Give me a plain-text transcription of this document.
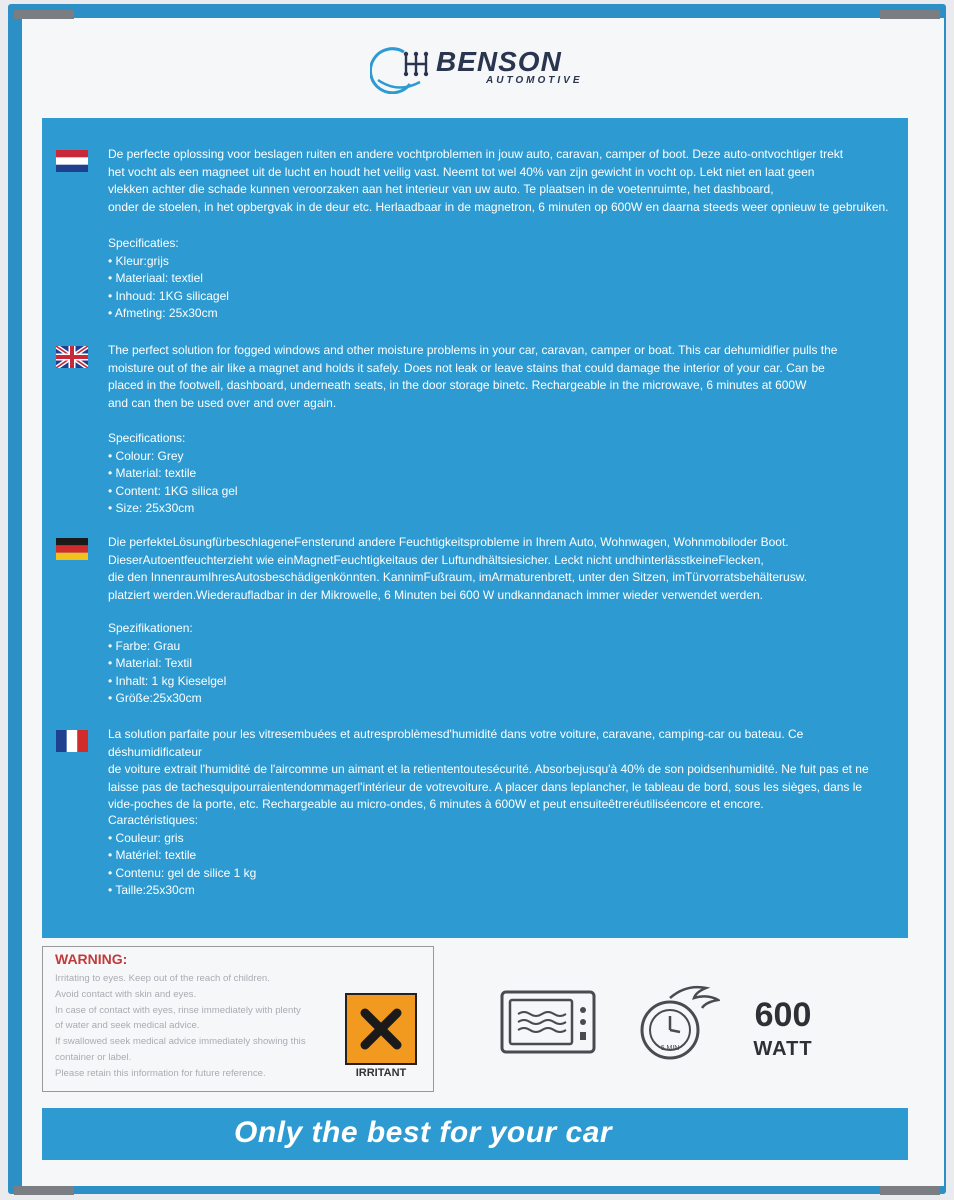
BENSON
AUTOMOTIVE

De perfecte oplossing voor beslagen ruiten en andere vochtproblemen in jouw auto, caravan, camper of boot. Deze auto-ontvochtiger trekt

het vocht als een magneet uit de lucht en houdt het veilig vast. Neemt tot wel 40% van zijn gewicht in vocht op. Lekt niet en laat geen

vlekken achter die schade kunnen veroorzaken aan het interieur van uw auto. Te plaatsen in de voetenruimte, het dashboard,

onder de stoelen, in het opbergvak in de deur etc. Herlaadbaar in de magnetron, 6 minuten op 600W en daarna steeds weer opnieuw te gebruiken.

Specificaties:
• Kleur:grijs
• Materiaal: textiel
• Inhoud: 1KG silicagel
• Afmeting: 25x30cm

The perfect solution for fogged windows and other moisture problems in your car, caravan, camper or boat. This car dehumidifier pulls the

moisture out of the air like a magnet and holds it safely. Does not leak or leave stains that could damage the interior of your car. Can be

placed in the footwell, dashboard, underneath seats, in the door storage binetc. Rechargeable in the microwave, 6 minutes at 600W

and can then be used over and over again.

Specifications:
• Colour: Grey
• Material: textile
• Content: 1KG silica gel
• Size: 25x30cm

Die perfekteLösungfürbeschlageneFensterund andere Feuchtigkeitsprobleme in Ihrem Auto, Wohnwagen, Wohnmobiloder Boot.

DieserAutoentfeuchterzieht wie einMagnetFeuchtigkeitaus der Luftundhältsiesicher. Leckt nicht undhinterlässtkeineFlecken,

die den InnenraumIhresAutosbeschädigenkönnten. KannimFußraum, imArmaturenbrett, unter den Sitzen, imTürvorratsbehälterusw.

platziert werden.Wiederaufladbar in der Mikrowelle, 6 Minuten bei 600 W undkanndanach immer wieder verwendet werden.

Spezifikationen:
• Farbe: Grau
• Material: Textil
• Inhalt: 1 kg Kieselgel
• Größe:25x30cm

La solution parfaite pour les vitresembuées et autresproblèmesd'humidité dans votre voiture, caravane, camping-car ou bateau. Ce déshumidificateur

de voiture extrait l'humidité de l'aircomme un aimant et la retiententoutesécurité. Absorbejusqu'à 40% de son poidsenhumidité. Ne fuit pas et ne

laisse pas de tachesquipourraientendommagerl'intérieur de votrevoiture. A placer dans leplancher, le tableau de bord, sous les sièges, dans le

vide-poches de la porte, etc. Rechargeable au micro-ondes, 6 minutes à 600W et peut ensuiteêtreréutiliséencore et encore.

Caractéristiques:
• Couleur: gris
• Matériel: textile
• Contenu: gel de silice 1 kg
• Taille:25x30cm
WARNING:
Irritating to eyes. Keep out of the reach of children.
Avoid contact with skin and eyes.
In case of contact with eyes, rinse immediately with plenty
of water and seek medical advice.
If swallowed seek medical advice immediately showing this
container or label.
Please retain this information for future reference.	IRRITANT
6 MIN
600
WATT
Only the best for your car
